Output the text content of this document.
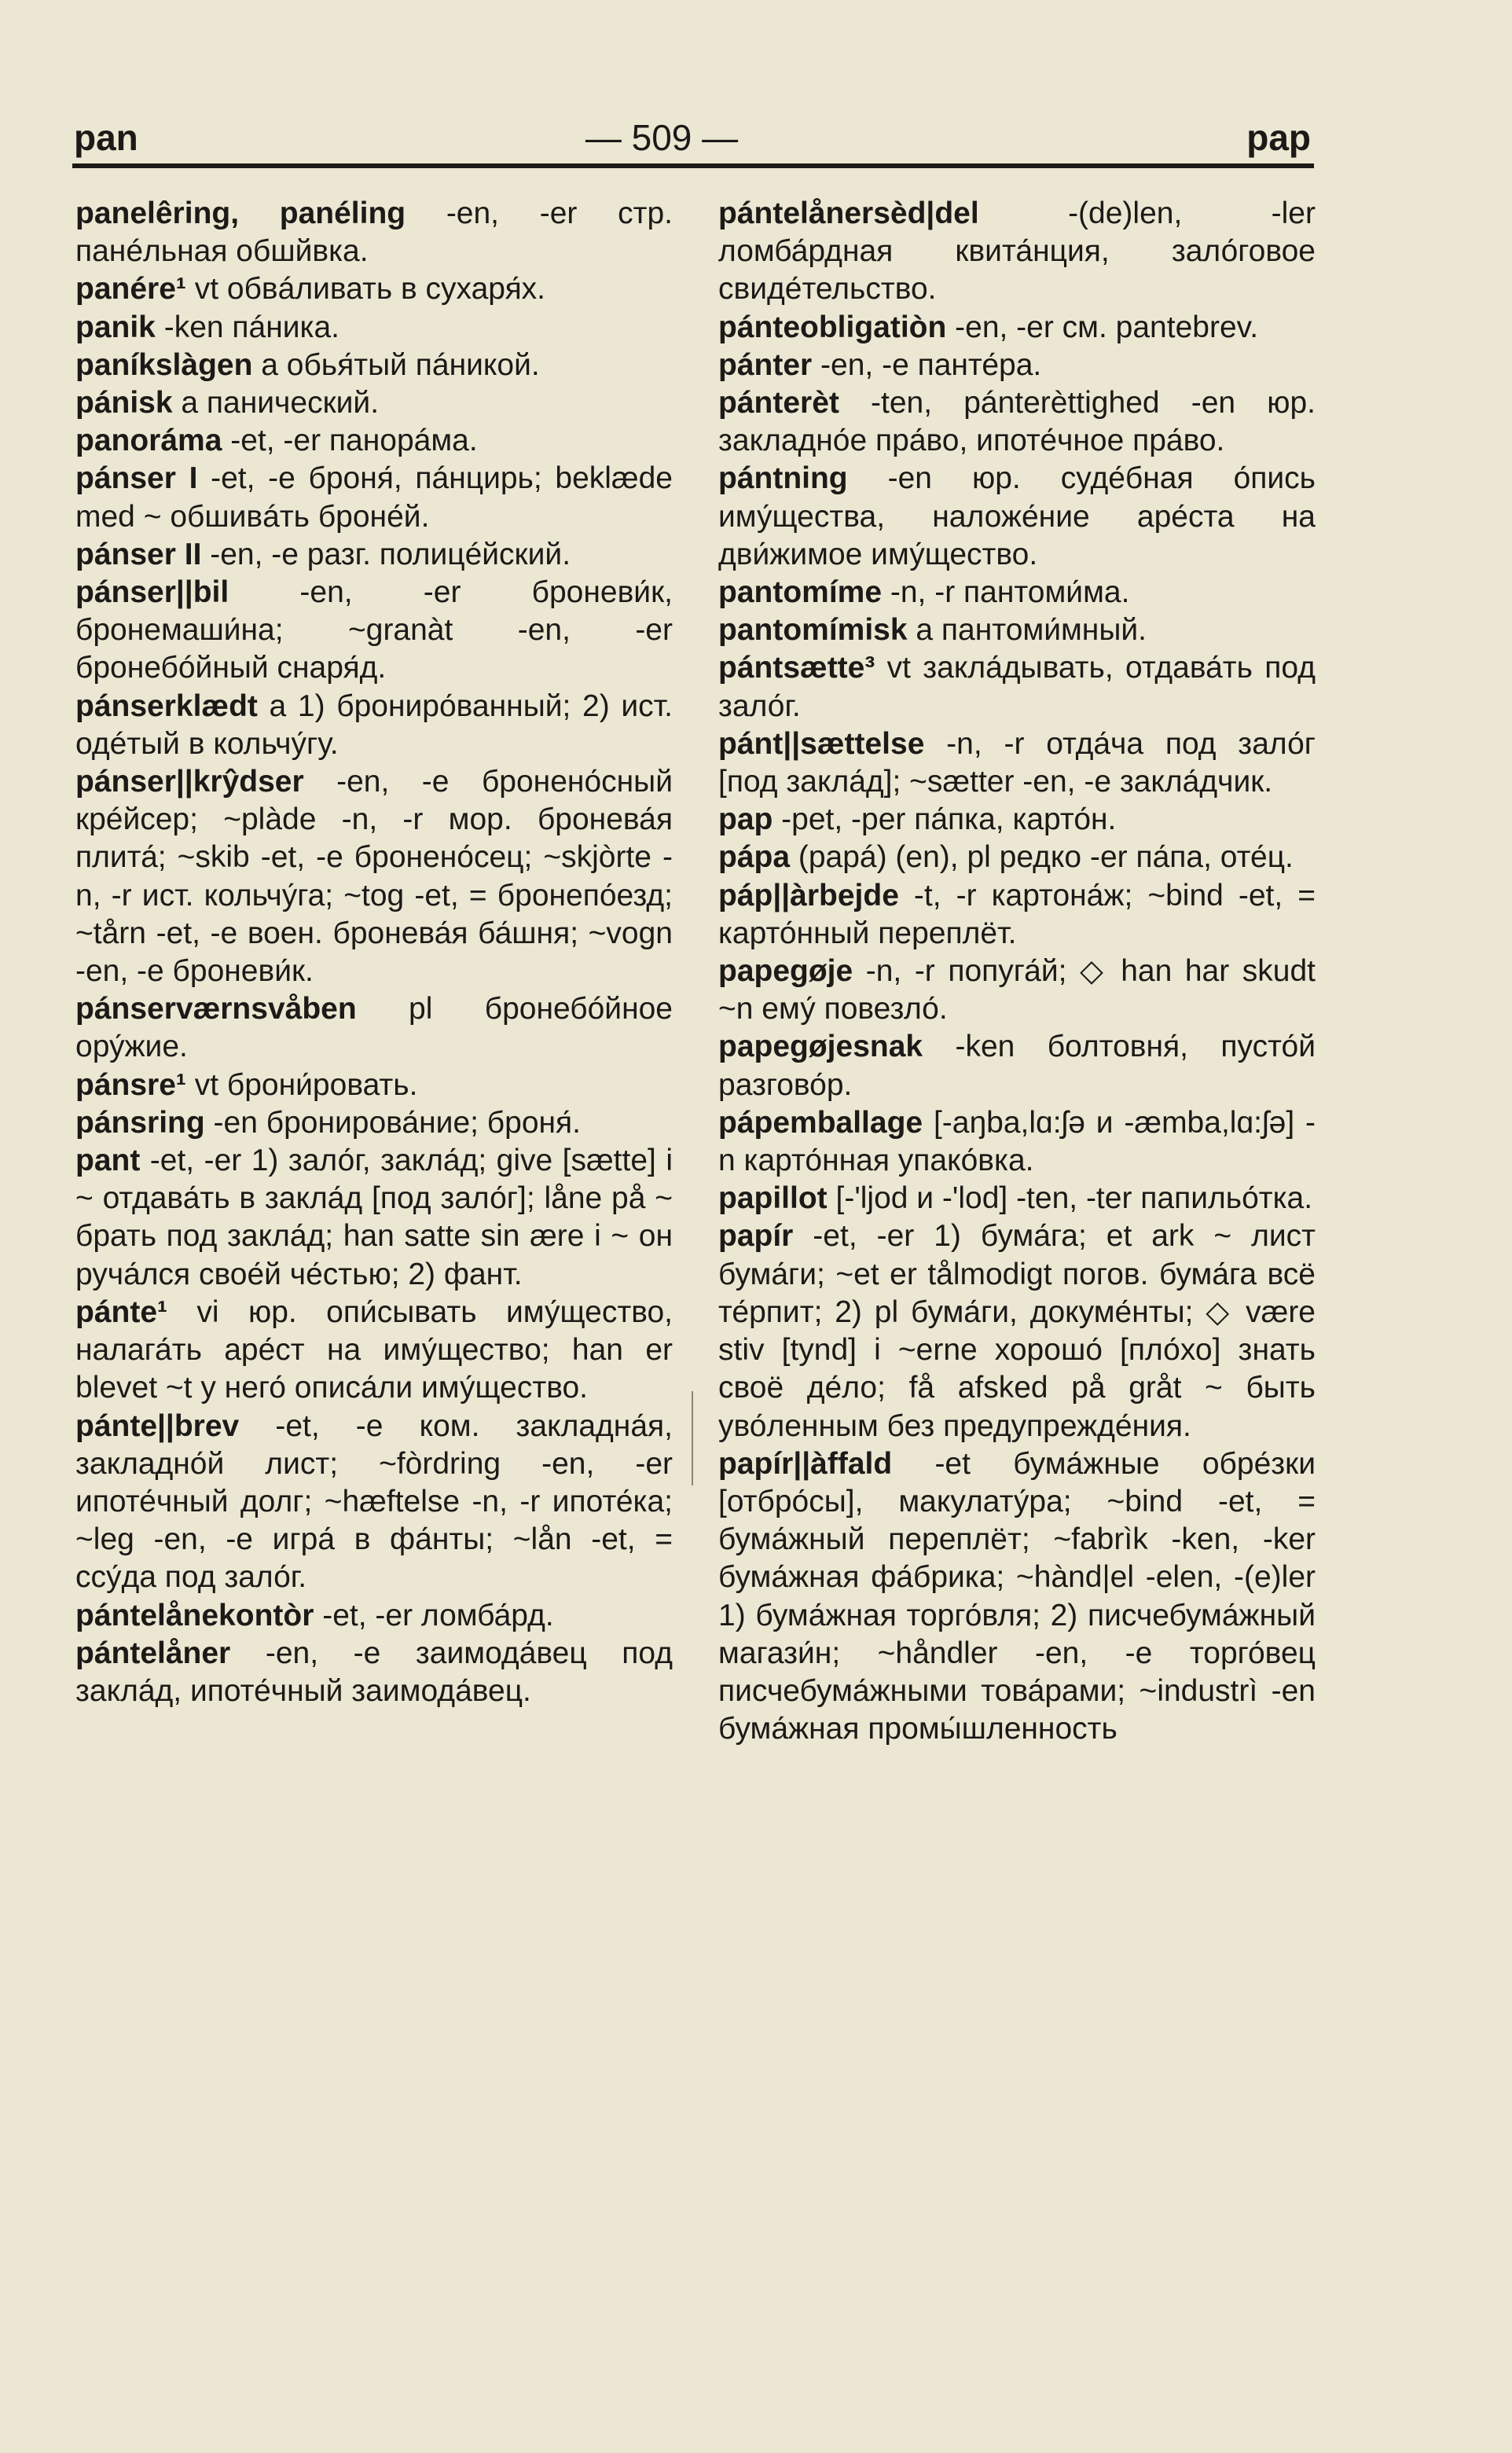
pan	— 509 —	pap

panelêring, panéling -en, -er стр. панéльная обшйвка.

panére¹ vt обвáливать в сухаря́х.

panik -ken пáника.

paníkslàgen a обья́тый пáникой.

pánisk a панический.

panoráma -et, -er панорáма.

pánser I -et, -e броня́, пáнцирь; beklæde med ~ обшивáть броне́й.

pánser II -en, -e разг. полицéйский.

pánser||bil -en, -er броневи́к, бронемаши́на; ~granàt -en, -er бронебóйный снаря́д.

pánserklædt a 1) брониро́ванный; 2) ист. одéтый в кольчу́гу.

pánser||krŷdser -en, -e бронено́сный крéйсер; ~plàde -n, -r мор. бронева́я плита́; ~skib -et, -e бронено́сец; ~skjòrte -n, -r ист. кольчу́га; ~tog -et, = бронепо́езд; ~tårn -et, -e воен. бронева́я ба́шня; ~vogn -en, -e броневи́к.

pánserværnsvåben pl бронебóйное ору́жие.

pánsre¹ vt брони́ровать.

pánsring -en бронирова́ние; броня́.

pant -et, -er 1) зало́г, закла́д; give [sætte] i ~ отдава́ть в закла́д [под зало́г]; låne på ~ брать под закла́д; han satte sin ære i ~ он руча́лся свое́й че́стью; 2) фант.

pánte¹ vi юр. опи́сывать иму́щество, налага́ть аре́ст на иму́щество; han er blevet ~t у него́ описа́ли иму́щество.

pánte||brev -et, -e ком. закладна́я, закладно́й лист; ~fòrdring -en, -er ипоте́чный долг; ~hæftelse -n, -r ипоте́ка; ~leg -en, -e игра́ в фа́нты; ~lån -et, = ссу́да под зало́г.

pántelånekontòr -et, -er ломба́рд.

pántelåner -en, -e заимода́вец под закла́д, ипоте́чный заимода́вец.

pántelånersèd|del -(de)len, -ler ломба́рдная квита́нция, зало́говое свиде́тельство.

pánteobligatiòn -en, -er см. pantebrev.

pánter -en, -e панте́ра.

pánterèt -ten, pánterèttighed -en юр. закладно́е пра́во, ипоте́чное пра́во.

pántning -en юр. суде́бная о́пись иму́щества, наложе́ние аре́ста на дви́жимое иму́щество.

pantomíme -n, -r пантоми́ма.

pantomímisk a пантоми́мный.

pántsætte³ vt закла́дывать, отдава́ть под зало́г.

pánt||sættelse -n, -r отда́ча под зало́г [под закла́д]; ~sætter -en, -e закла́дчик.

pap -pet, -per па́пка, карто́н.

pápa (papá) (en), pl редко -er па́па, оте́ц.

páp||àrbejde -t, -r картона́ж; ~bind -et, = карто́нный переплёт.

papegøje -n, -r попуга́й; ◇ han har skudt ~n ему́ повезло́.

papegøjesnak -ken болтовня́, пусто́й разгово́р.

pápemballage [-aŋba,lɑ:ʃə и -æmba,lɑ:ʃə] -n карто́нная упако́вка.

papillot [-'ljod и -'lod] -ten, -ter папильо́тка.

papír -et, -er 1) бума́га; et ark ~ лист бума́ги; ~et er tålmodigt погов. бума́га всё те́рпит; 2) pl бума́ги, докуме́нты; ◇ være stiv [tynd] i ~erne хорошо́ [пло́хо] знать своё де́ло; få afsked på gråt ~ быть уво́ленным без предупрежде́ния.

papír||àffald -et бума́жные обре́зки [отбро́сы], макулату́ра; ~bind -et, = бума́жный переплёт; ~fabrìk -ken, -ker бума́жная фа́брика; ~hànd|el -elen, -(e)ler 1) бума́жная торго́вля; 2) писчебума́жный магази́н; ~håndler -en, -e торго́вец писчебума́жными това́рами; ~industrì -en бума́жная промы́шленность
